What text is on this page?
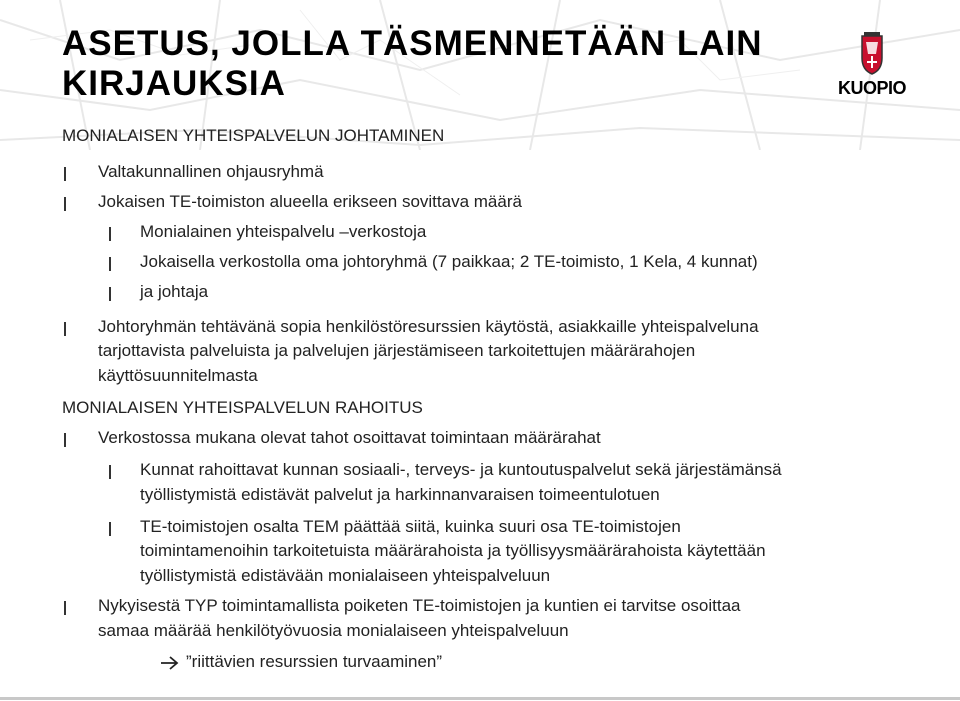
ASETUS, JOLLA TÄSMENNETÄÄN LAIN KIRJAUKSIA	KUOPIO
MONIALAISEN YHTEISPALVELUN JOHTAMINEN
Valtakunnallinen ohjausryhmä
Jokaisen TE-toimiston alueella erikseen sovittava määrä
Monialainen yhteispalvelu –verkostoja
Jokaisella verkostolla oma johtoryhmä (7 paikkaa; 2 TE-toimisto, 1 Kela, 4 kunnat)
ja johtaja
Johtoryhmän tehtävänä sopia henkilöstöresurssien käytöstä, asiakkaille yhteispalveluna
tarjottavista palveluista ja palvelujen järjestämiseen tarkoitettujen määrärahojen
käyttösuunnitelmasta
MONIALAISEN YHTEISPALVELUN RAHOITUS
Verkostossa mukana olevat tahot osoittavat toimintaan määrärahat
Kunnat rahoittavat kunnan sosiaali-, terveys- ja kuntoutuspalvelut sekä järjestämänsä
työllistymistä edistävät palvelut ja harkinnanvaraisen toimeentulotuen
TE-toimistojen osalta TEM päättää siitä, kuinka suuri osa TE-toimistojen
toimintamenoihin tarkoitetuista määrärahoista ja työllisyysmäärärahoista käytettään
työllistymistä edistävään monialaiseen yhteispalveluun
Nykyisestä TYP toimintamallista poiketen TE-toimistojen ja kuntien ei tarvitse osoittaa
samaa määrää henkilötyövuosia monialaiseen yhteispalveluun
”riittävien resurssien turvaaminen”
